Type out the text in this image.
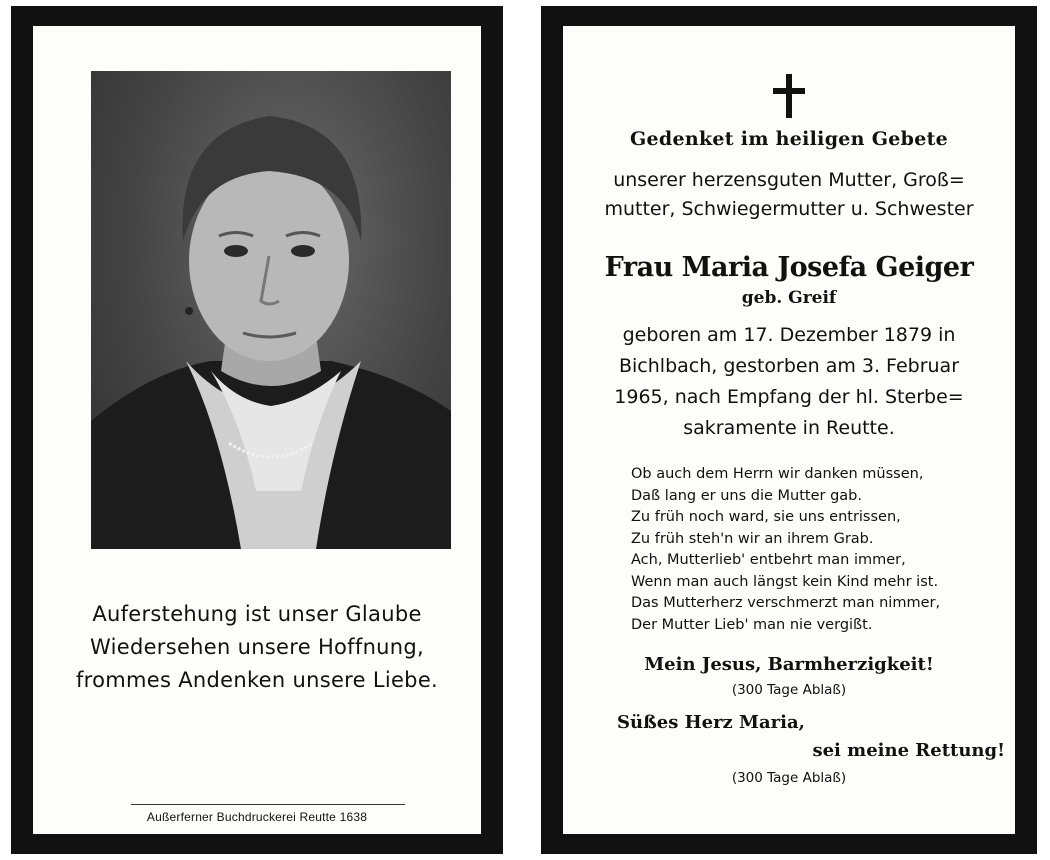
Auferstehung ist unser Glaube
Wiedersehen unsere Hoffnung,
frommes Andenken unsere Liebe.
Außerferner Buchdruckerei Reutte 1638
Gedenket im heiligen Gebete
unserer herzensguten Mutter, Groß=
mutter, Schwiegermutter u. Schwester
Frau Maria Josefa Geiger
geb. Greif
geboren am 17. Dezember 1879 in
Bichlbach, gestorben am 3. Februar
1965, nach Empfang der hl. Sterbe=
sakramente in Reutte.
Ob auch dem Herrn wir danken müssen,
Daß lang er uns die Mutter gab.
Zu früh noch ward, sie uns entrissen,
Zu früh steh'n wir an ihrem Grab.
Ach, Mutterlieb' entbehrt man immer,
Wenn man auch längst kein Kind mehr ist.
Das Mutterherz verschmerzt man nimmer,
Der Mutter Lieb' man nie vergißt.
Mein Jesus, Barmherzigkeit!
(300 Tage Ablaß)
Süßes Herz Maria,
sei meine Rettung!
(300 Tage Ablaß)
